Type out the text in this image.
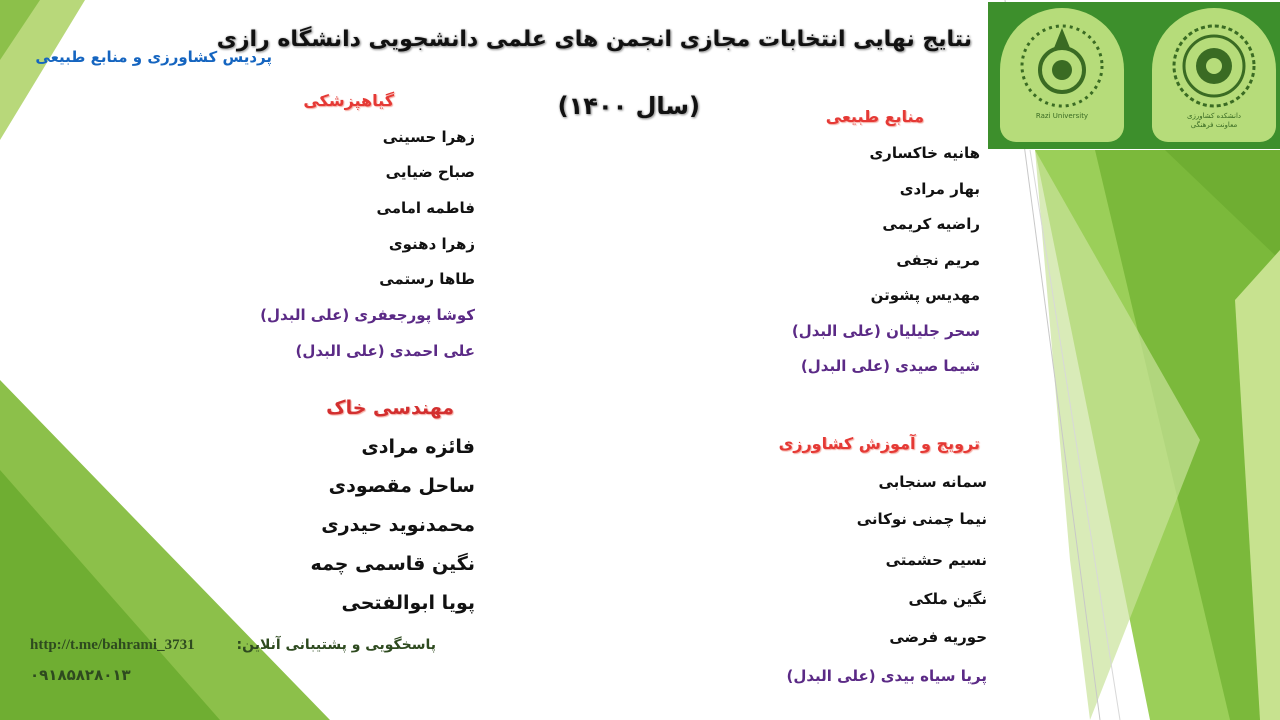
دانشکده کشاورزی
معاونت فرهنگی
Razi University
نتایج نهایی انتخابات مجازی انجمن های علمی دانشجویی دانشگاه رازی
(سال ۱۴۰۰)
پردیس کشاورزی و منابع طبیعی
گیاهپزشکی
زهرا حسینی
صباح ضیایی
فاطمه امامی
زهرا دهنوی
طاها رستمی
کوشا پورجعفری (علی البدل)
علی احمدی (علی البدل)
مهندسی خاک
فائزه مرادی
ساحل مقصودی
محمدنوید حیدری
نگین قاسمی چمه
پویا ابوالفتحی
منابع طبیعی
هانیه خاکساری
بهار مرادی
راضیه کریمی
مریم نجفی
مهدیس پشوتن
سحر جلیلیان (علی البدل)
شیما صیدی (علی البدل)
ترویج و آموزش کشاورزی
سمانه سنجابی
نیما چمنی نوکانی
نسیم حشمتی
نگین ملکی
حوریه فرضی
پریا سیاه بیدی (علی البدل)
پاسخگویی و پشتیبانی آنلاین:
http://t.me/bahrami_3731
۰۹۱۸۵۸۲۸۰۱۳
